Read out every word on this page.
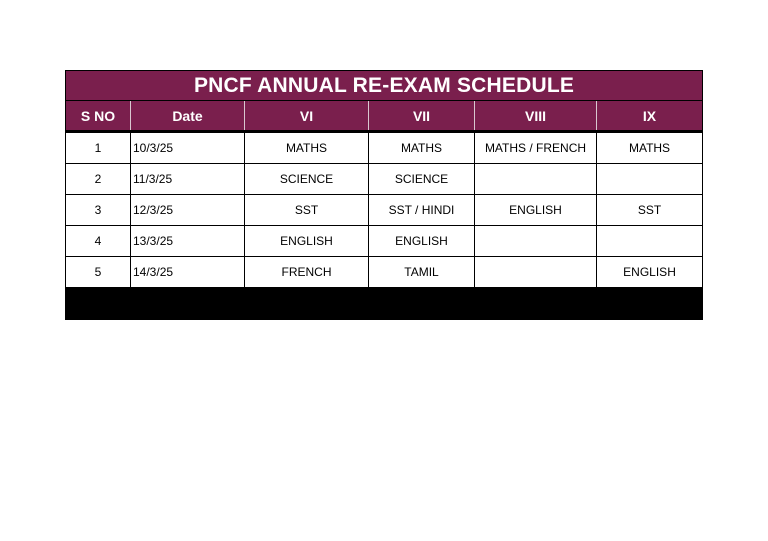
PNCF ANNUAL RE-EXAM SCHEDULE					
S NO	Date	VI	VII	VIII	IX
1	10/3/25	MATHS	MATHS	MATHS / FRENCH	MATHS
2	11/3/25	SCIENCE	SCIENCE		
3	12/3/25	SST	SST / HINDI	ENGLISH	SST
4	13/3/25	ENGLISH	ENGLISH		
5	14/3/25	FRENCH	TAMIL		ENGLISH
